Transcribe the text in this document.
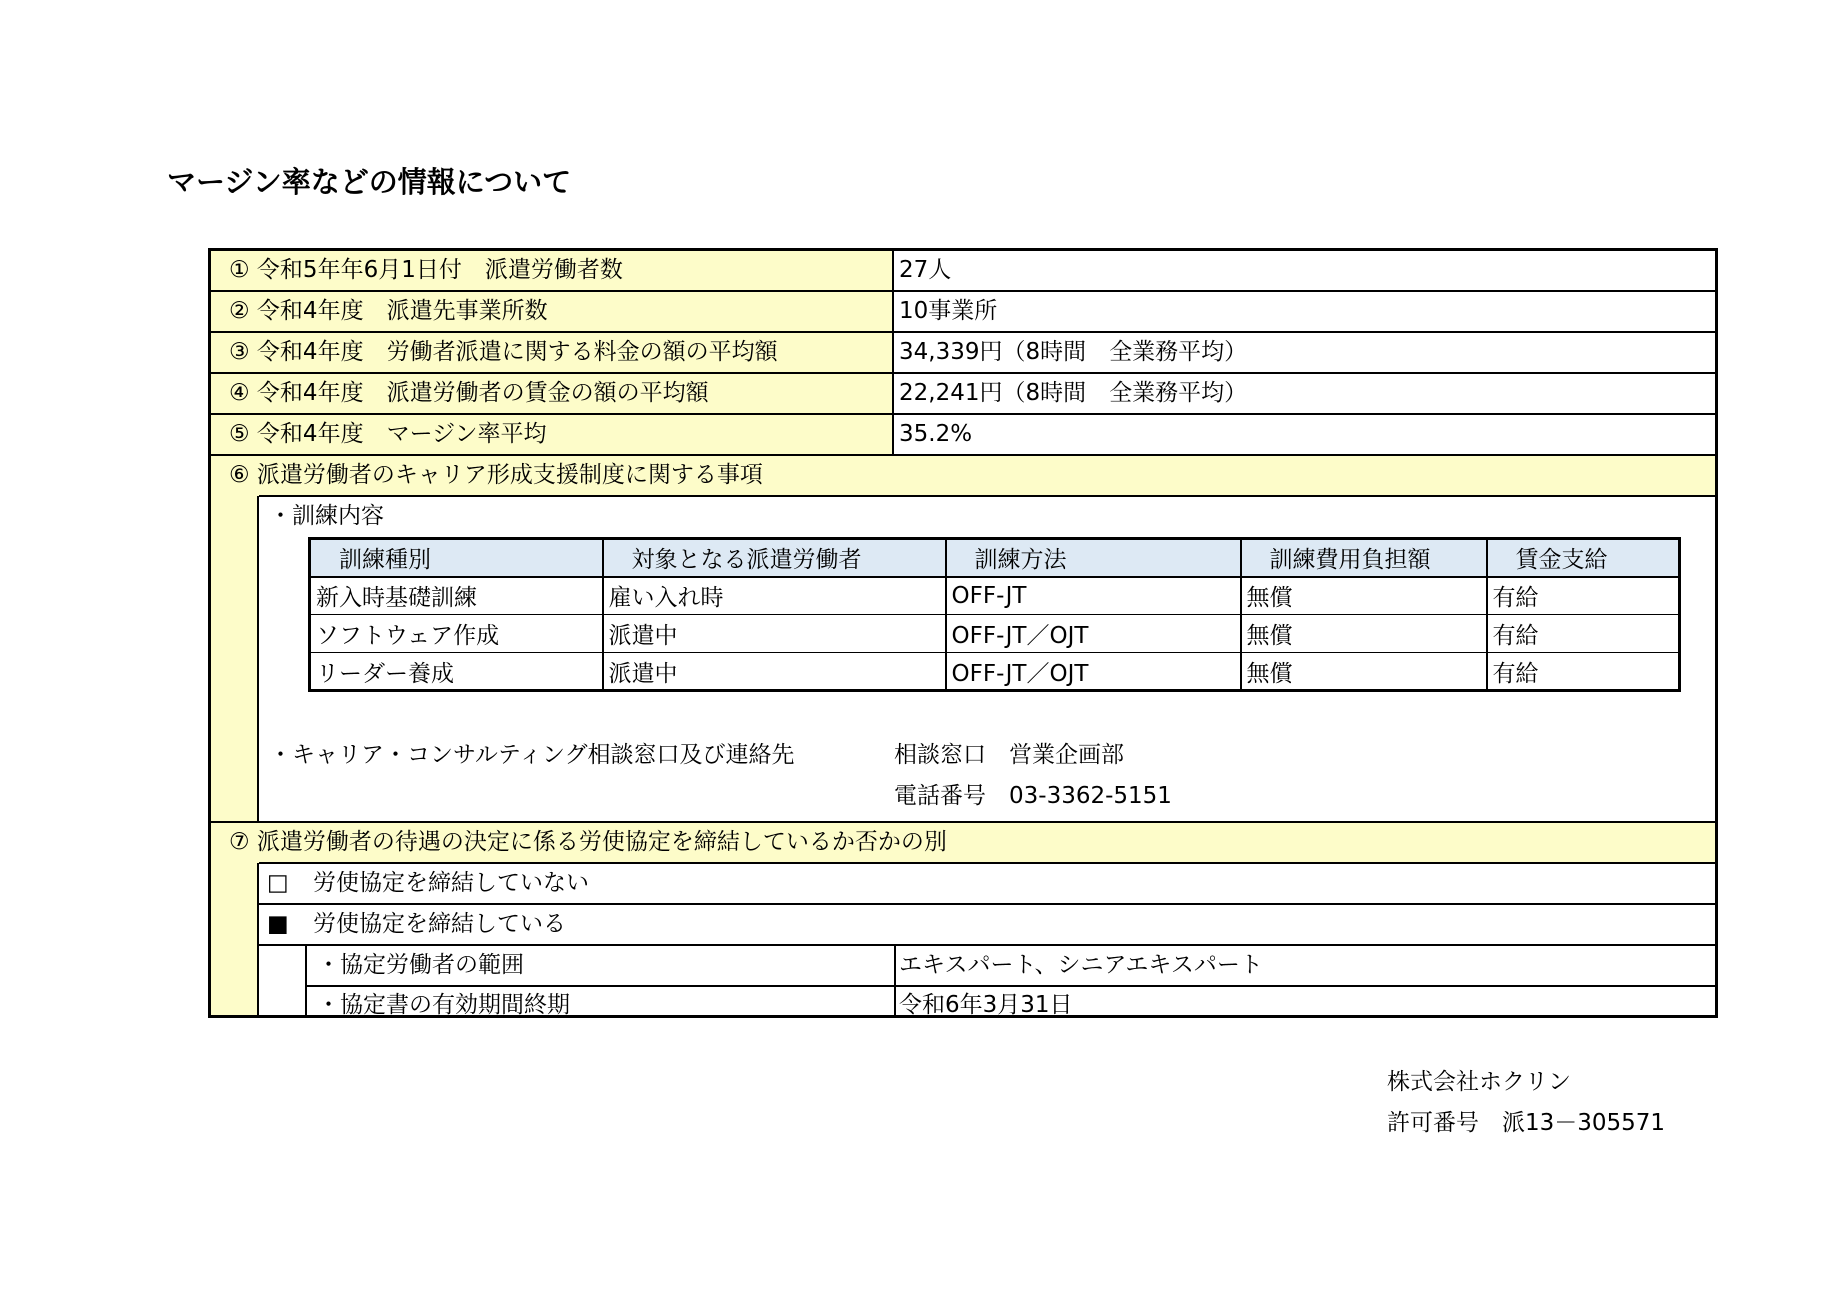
マージン率などの情報について
① 令和5年年6月1日付　派遣労働者数	27人
② 令和4年度　派遣先事業所数	10事業所
③ 令和4年度　労働者派遣に関する料金の額の平均額	34,339円（8時間　全業務平均）
④ 令和4年度　派遣労働者の賃金の額の平均額	22,241円（8時間　全業務平均）
⑤ 令和4年度　マージン率平均	35.2%
⑥ 派遣労働者のキャリア形成支援制度に関する事項
・訓練内容
訓練種別	対象となる派遣労働者	訓練方法	訓練費用負担額	賃金支給
新入時基礎訓練	雇い入れ時	OFF-JT	無償	有給
ソフトウェア作成	派遣中	OFF-JT／OJT	無償	有給
リーダー養成	派遣中	OFF-JT／OJT	無償	有給
・キャリア・コンサルティング相談窓口及び連絡先	相談窓口　営業企画部
電話番号　03-3362-5151
⑦ 派遣労働者の待遇の決定に係る労使協定を締結しているか否かの別
□ 労使協定を締結していない
■ 労使協定を締結している
・協定労働者の範囲	エキスパート、シニアエキスパート
・協定書の有効期間終期	令和6年3月31日
株式会社ホクリン
許可番号　派13－305571
